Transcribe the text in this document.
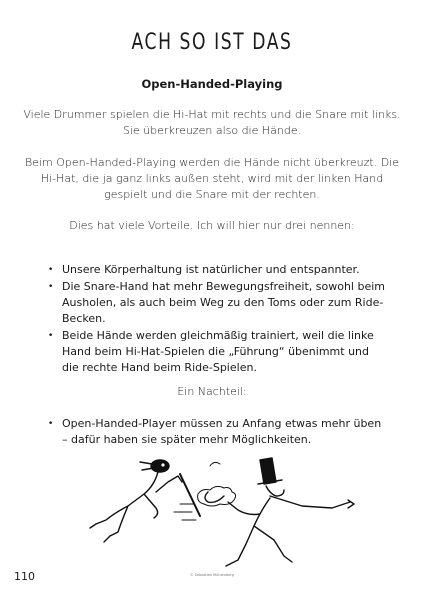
ACH SO IST DAS
Open-Handed-Playing

Viele Drummer spielen die Hi-Hat mit rechts und die Snare mit links. Sie überkreuzen also die Hände.

Beim Open-Handed-Playing werden die Hände nicht überkreuzt. Die Hi-Hat, die ja ganz links außen steht, wird mit der linken Hand gespielt und die Snare mit der rechten.

Dies hat viele Vorteile. Ich will hier nur drei nennen:

• Unsere Körperhaltung ist natürlicher und entspannter.
• Die Snare-Hand hat mehr Bewegungsfreiheit, sowohl beim Ausholen, als auch beim Weg zu den Toms oder zum Ride-Becken.
• Beide Hände werden gleichmäßig trainiert, weil die linke Hand beim Hi-Hat-Spielen die „Führung“ übenimmt und die rechte Hand beim Ride-Spielen.

Ein Nachteil:

• Open-Handed-Player müssen zu Anfang etwas mehr üben – dafür haben sie später mehr Möglichkeiten.

© Sebastian Mühlenberg

110
